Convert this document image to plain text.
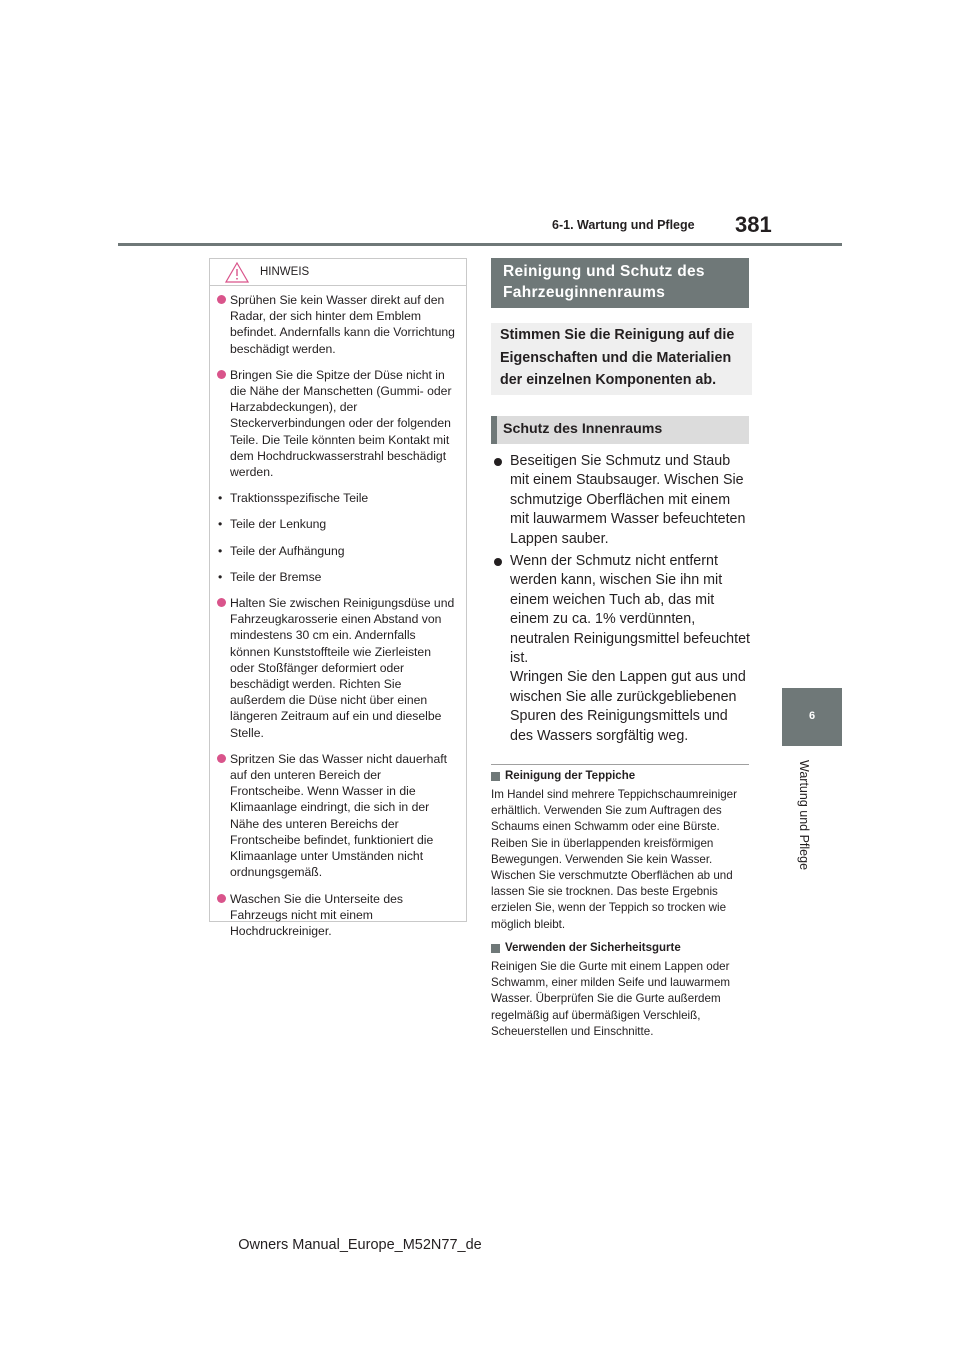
6-1. Wartung und Pflege 381
6
Wartung und Pflege
HINWEIS
Sprühen Sie kein Wasser direkt auf den Radar, der sich hinter dem Emblem befindet. Andernfalls kann die Vorrichtung beschädigt werden.
Bringen Sie die Spitze der Düse nicht in die Nähe der Manschetten (Gummi- oder Harzabdeckungen), der Steckerverbindungen oder der folgenden Teile. Die Teile könnten beim Kontakt mit dem Hochdruckwasserstrahl beschädigt werden.
• Traktionsspezifische Teile
• Teile der Lenkung
• Teile der Aufhängung
• Teile der Bremse
Halten Sie zwischen Reinigungsdüse und Fahrzeugkarosserie einen Abstand von mindestens 30 cm ein. Andernfalls können Kunststoffteile wie Zierleisten oder Stoßfänger deformiert oder beschädigt werden. Richten Sie außerdem die Düse nicht über einen längeren Zeitraum auf ein und dieselbe Stelle.
Spritzen Sie das Wasser nicht dauerhaft auf den unteren Bereich der Frontscheibe. Wenn Wasser in die Klimaanlage eindringt, die sich in der Nähe des unteren Bereichs der Frontscheibe befindet, funktioniert die Klimaanlage unter Umständen nicht ordnungsgemäß.
Waschen Sie die Unterseite des Fahrzeugs nicht mit einem Hochdruckreiniger.
Reinigung und Schutz des Fahrzeuginnenraums
Stimmen Sie die Reinigung auf die Eigenschaften und die Materialien der einzelnen Komponenten ab.
Schutz des Innenraums

Beseitigen Sie Schmutz und Staub mit einem Staubsauger. Wischen Sie schmutzige Oberflächen mit einem mit lauwarmem Wasser befeuchteten Lappen sauber.

Wenn der Schmutz nicht entfernt werden kann, wischen Sie ihn mit einem weichen Tuch ab, das mit einem zu ca. 1% verdünnten, neutralen Reinigungsmittel befeuchtet ist.

Wringen Sie den Lappen gut aus und wischen Sie alle zurückgebliebenen Spuren des Reinigungsmittels und des Wassers sorgfältig weg.

Reinigung der Teppiche
Im Handel sind mehrere Teppichschaumreiniger erhältlich. Verwenden Sie zum Auftragen des Schaums einen Schwamm oder eine Bürste. Reiben Sie in überlappenden kreisförmigen Bewegungen. Verwenden Sie kein Wasser. Wischen Sie verschmutzte Oberflächen ab und lassen Sie sie trocknen. Das beste Ergebnis erzielen Sie, wenn der Teppich so trocken wie möglich bleibt.
Verwenden der Sicherheitsgurte
Reinigen Sie die Gurte mit einem Lappen oder Schwamm, einer milden Seife und lauwarmem Wasser. Überprüfen Sie die Gurte außerdem regelmäßig auf übermäßigen Verschleiß, Scheuerstellen und Einschnitte.
Owners Manual_Europe_M52N77_de
